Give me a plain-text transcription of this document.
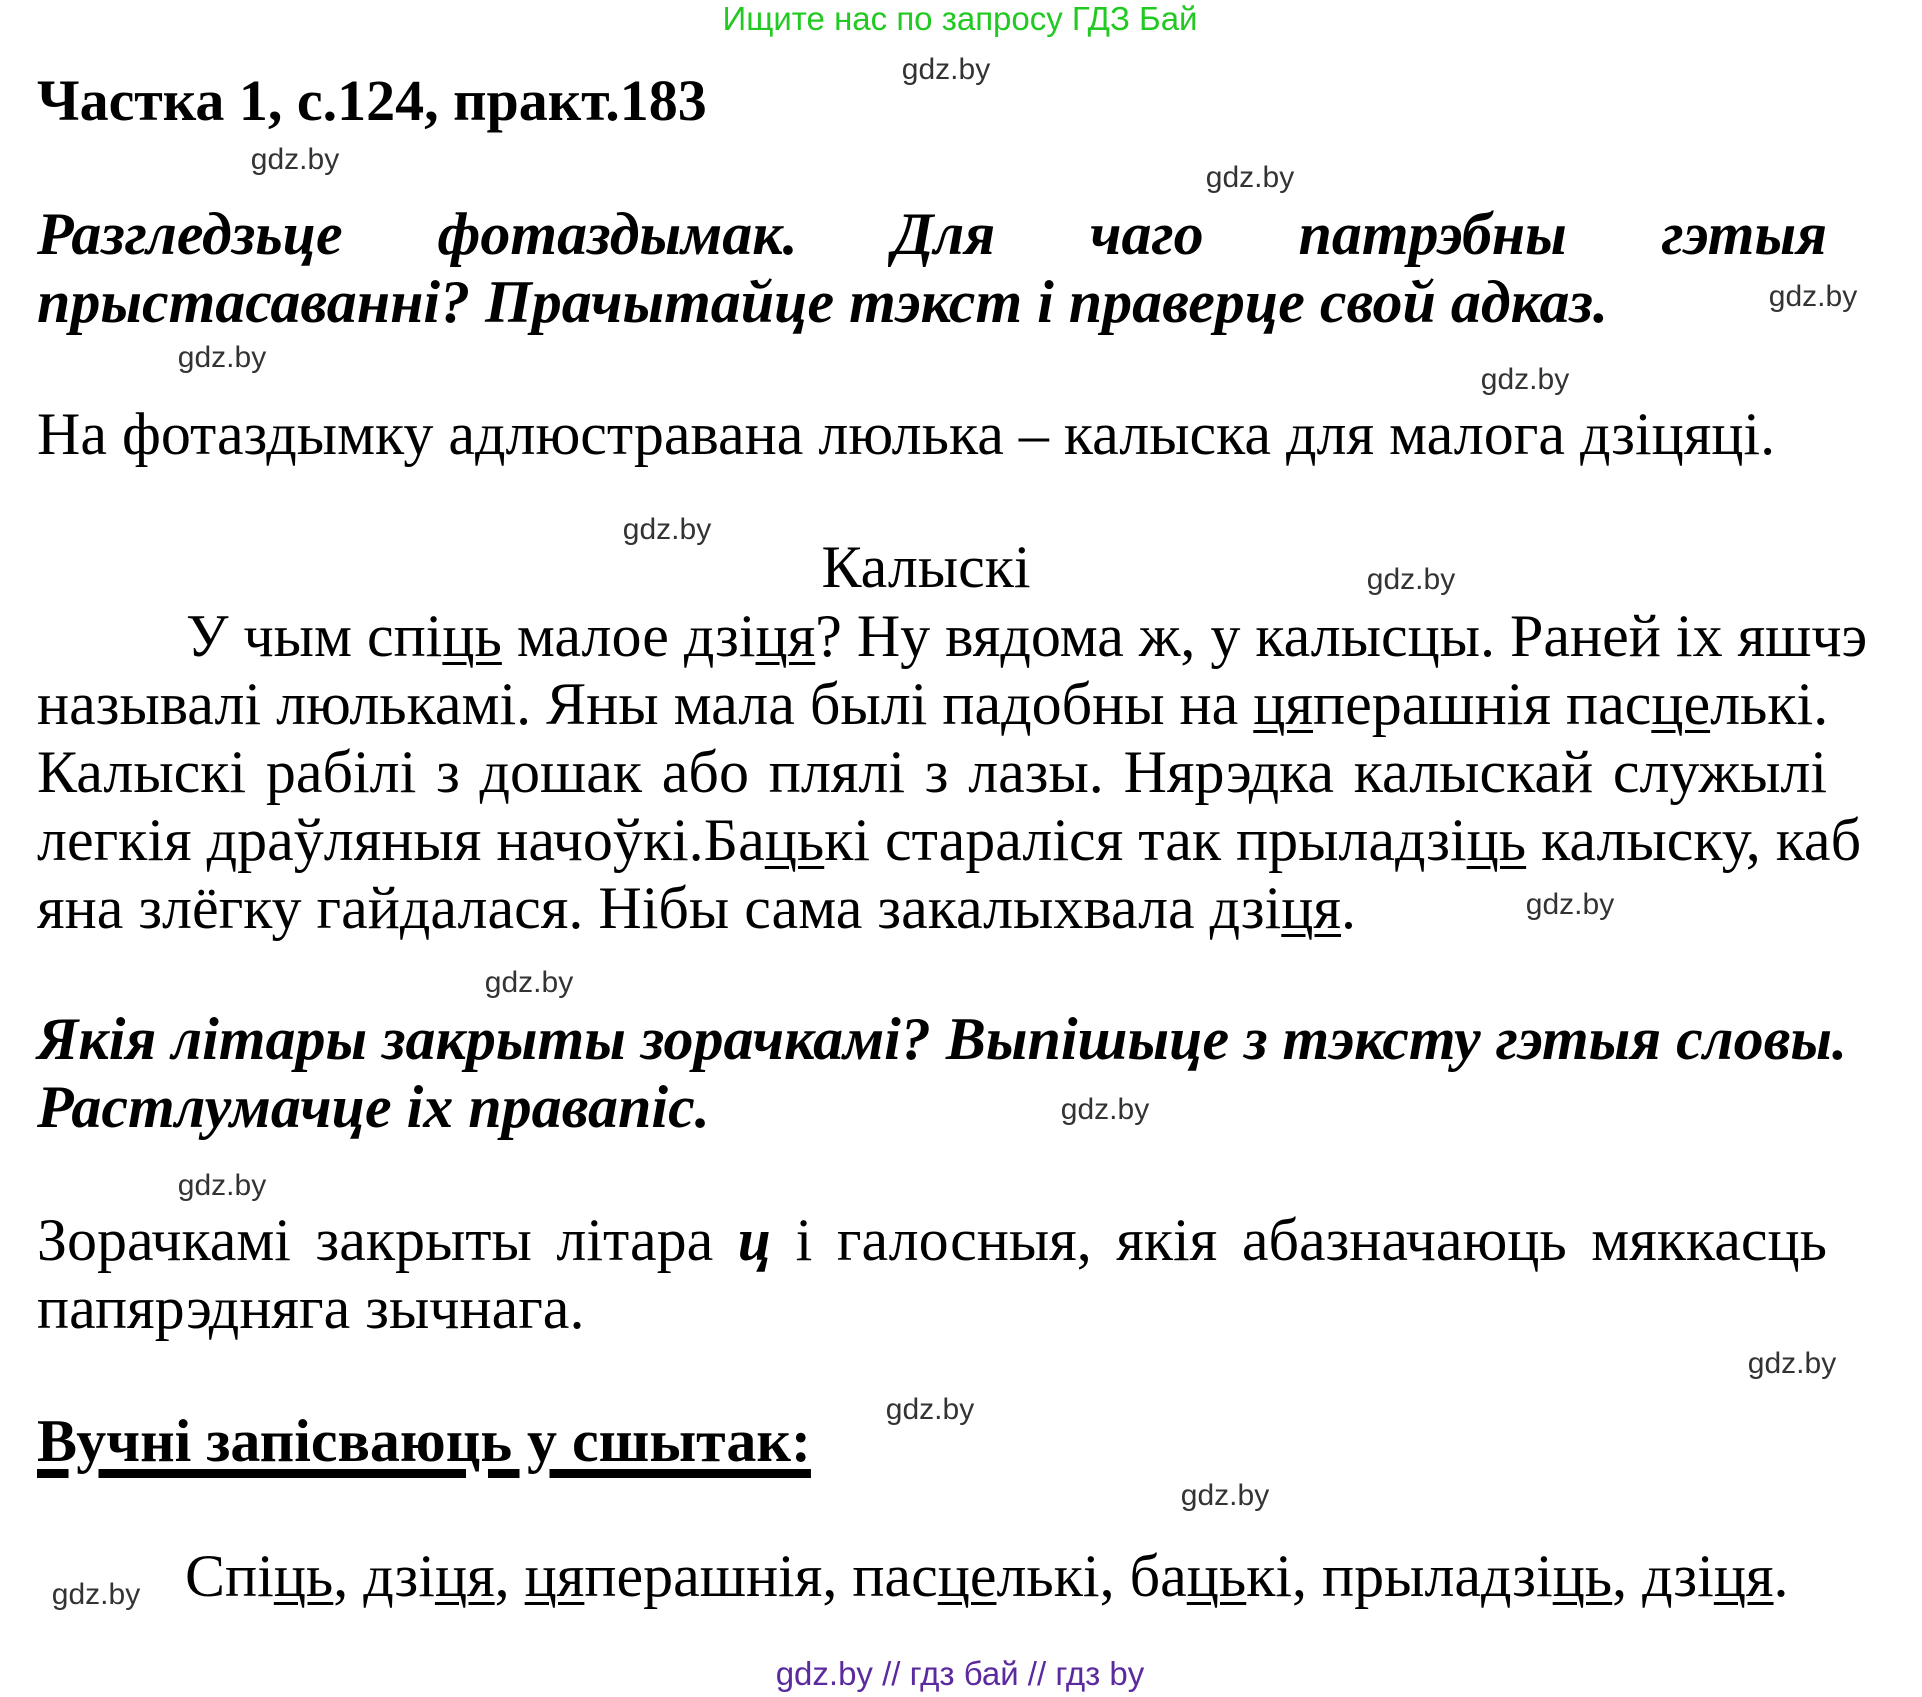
Ищите нас по запросу ГДЗ Бай
Частка 1, с.124, практ.183
Разгледзьце фотаздымак. Для чаго патрэбны гэтыя
прыстасаванні? Прачытайце тэкст і праверце свой адказ.
На фотаздымку адлюстравана люлька – калыска для малога дзіцяці.
Калыскі
У чым спіць малое дзіця? Ну вядома ж, у калысцы. Раней іх яшчэ
называлі люлькамі. Яны мала былі падобны на цяперашнія пасцелькі.
Калыскі рабілі з дошак або плялі з лазы. Нярэдка калыскай служылі
легкія драўляныя начоўкі.Бацькі стараліся так прыладзіць калыску, каб
яна злёгку гайдалася. Нібы сама закалыхвала дзіця.
Якія літары закрыты зорачкамі? Выпішыце з тэксту гэтыя словы.
Растлумачце іх правапіс.
Зорачкамі закрыты літара ц і галосныя, якія абазначаюць мяккасць
папярэдняга зычнага.
Вучні запісваюць у сшытак:
Спіць, дзіця, цяперашнія, пасцелькі, бацькі, прыладзіць, дзіця.
gdz.by
gdz.by
gdz.by
gdz.by
gdz.by
gdz.by
gdz.by
gdz.by
gdz.by
gdz.by
gdz.by
gdz.by
gdz.by
gdz.by
gdz.by
gdz.by
gdz.by // гдз бай // гдз by
